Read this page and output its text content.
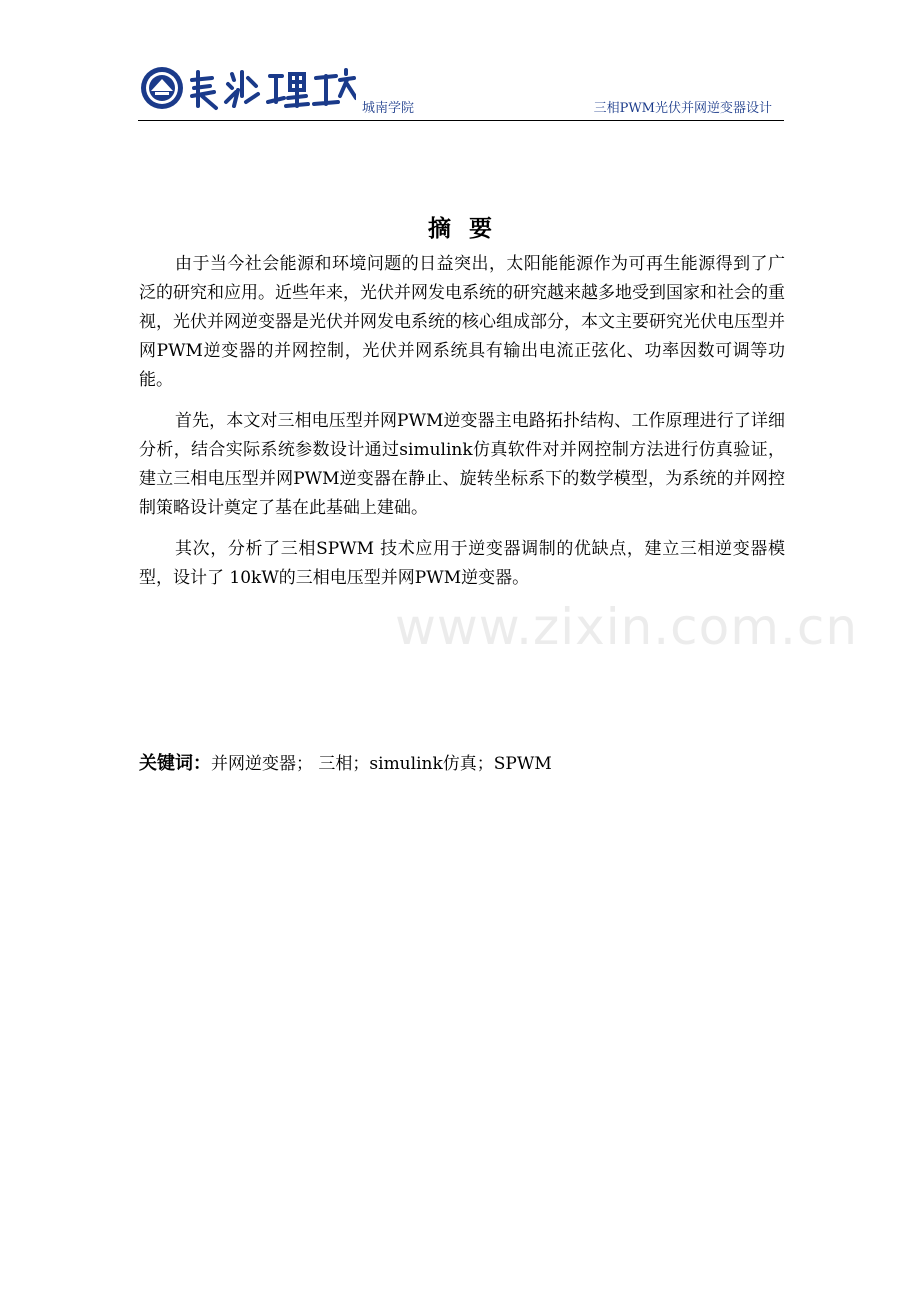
城南学院	三相PWM光伏并网逆变器设计
摘要

由于当今社会能源和环境问题的日益突出，太阳能能源作为可再生能源得到了广泛的研究和应用。近些年来，光伏并网发电系统的研究越来越多地受到国家和社会的重视，光伏并网逆变器是光伏并网发电系统的核心组成部分，本文主要研究光伏电压型并网PWM逆变器的并网控制，光伏并网系统具有输出电流正弦化、功率因数可调等功能。

首先，本文对三相电压型并网PWM逆变器主电路拓扑结构、工作原理进行了详细分析，结合实际系统参数设计通过simulink仿真软件对并网控制方法进行仿真验证，建立三相电压型并网PWM逆变器在静止、旋转坐标系下的数学模型，为系统的并网控制策略设计奠定了基在此基础上建础。

其次，分析了三相SPWM 技术应用于逆变器调制的优缺点，建立三相逆变器模型，设计了 10kW的三相电压型并网PWM逆变器。

关键词：并网逆变器； 三相；simulink仿真；SPWM
www.zixin.com.cn
